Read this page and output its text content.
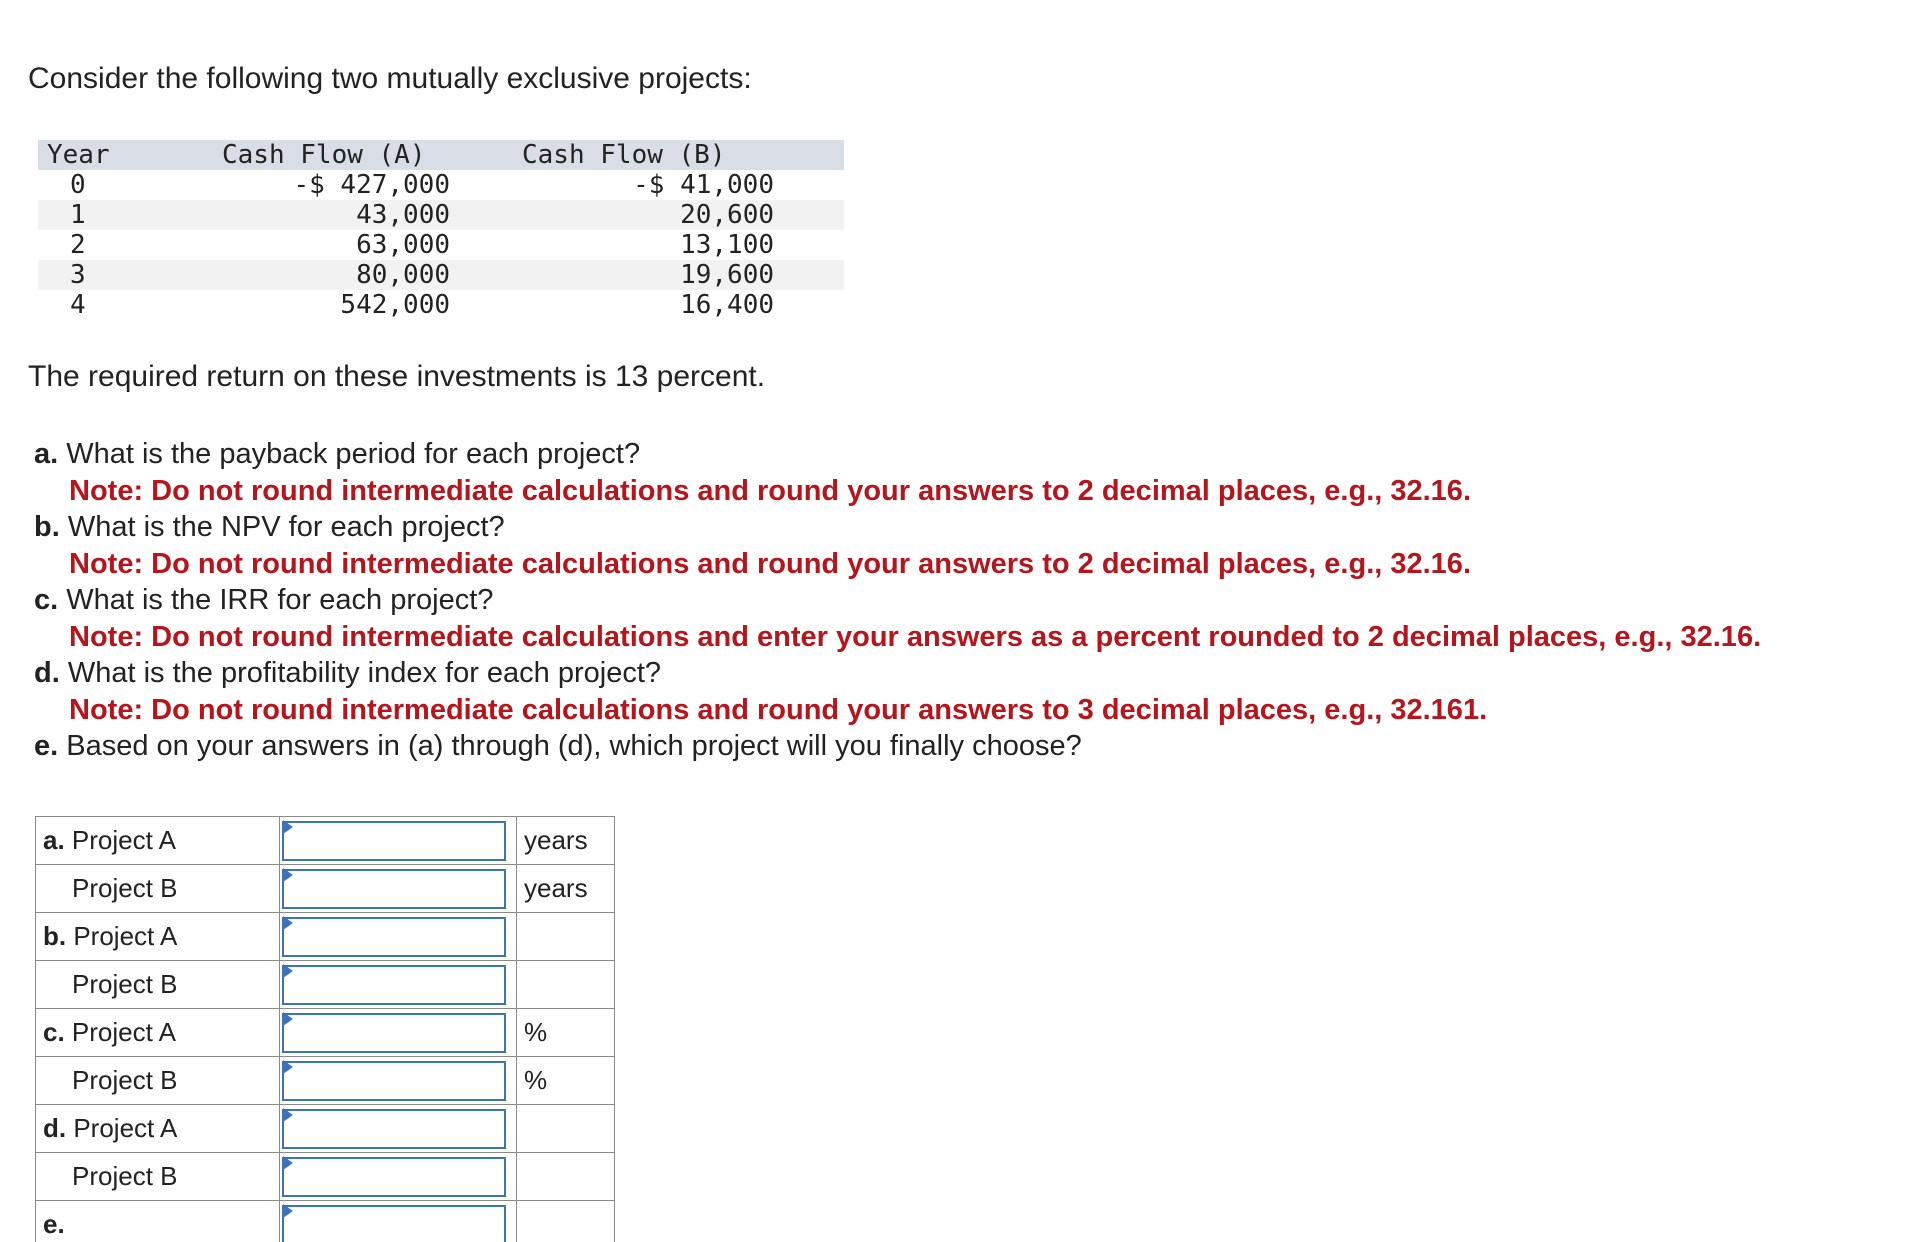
Consider the following two mutually exclusive projects:

Year	Cash Flow (A)	Cash Flow (B)
0	-$ 427,000	-$ 41,000
1	43,000	20,600
2	63,000	13,100
3	80,000	19,600
4	542,000	16,400

The required return on these investments is 13 percent.

a. What is the payback period for each project?
Note: Do not round intermediate calculations and round your answers to 2 decimal places, e.g., 32.16.
b. What is the NPV for each project?
Note: Do not round intermediate calculations and round your answers to 2 decimal places, e.g., 32.16.
c. What is the IRR for each project?
Note: Do not round intermediate calculations and enter your answers as a percent rounded to 2 decimal places, e.g., 32.16.
d. What is the profitability index for each project?
Note: Do not round intermediate calculations and round your answers to 3 decimal places, e.g., 32.161.
e. Based on your answers in (a) through (d), which project will you finally choose?
a. Project A		years
Project B		years
b. Project A	

Project B	

c. Project A		%
Project B		%
d. Project A	

Project B	

e.	
